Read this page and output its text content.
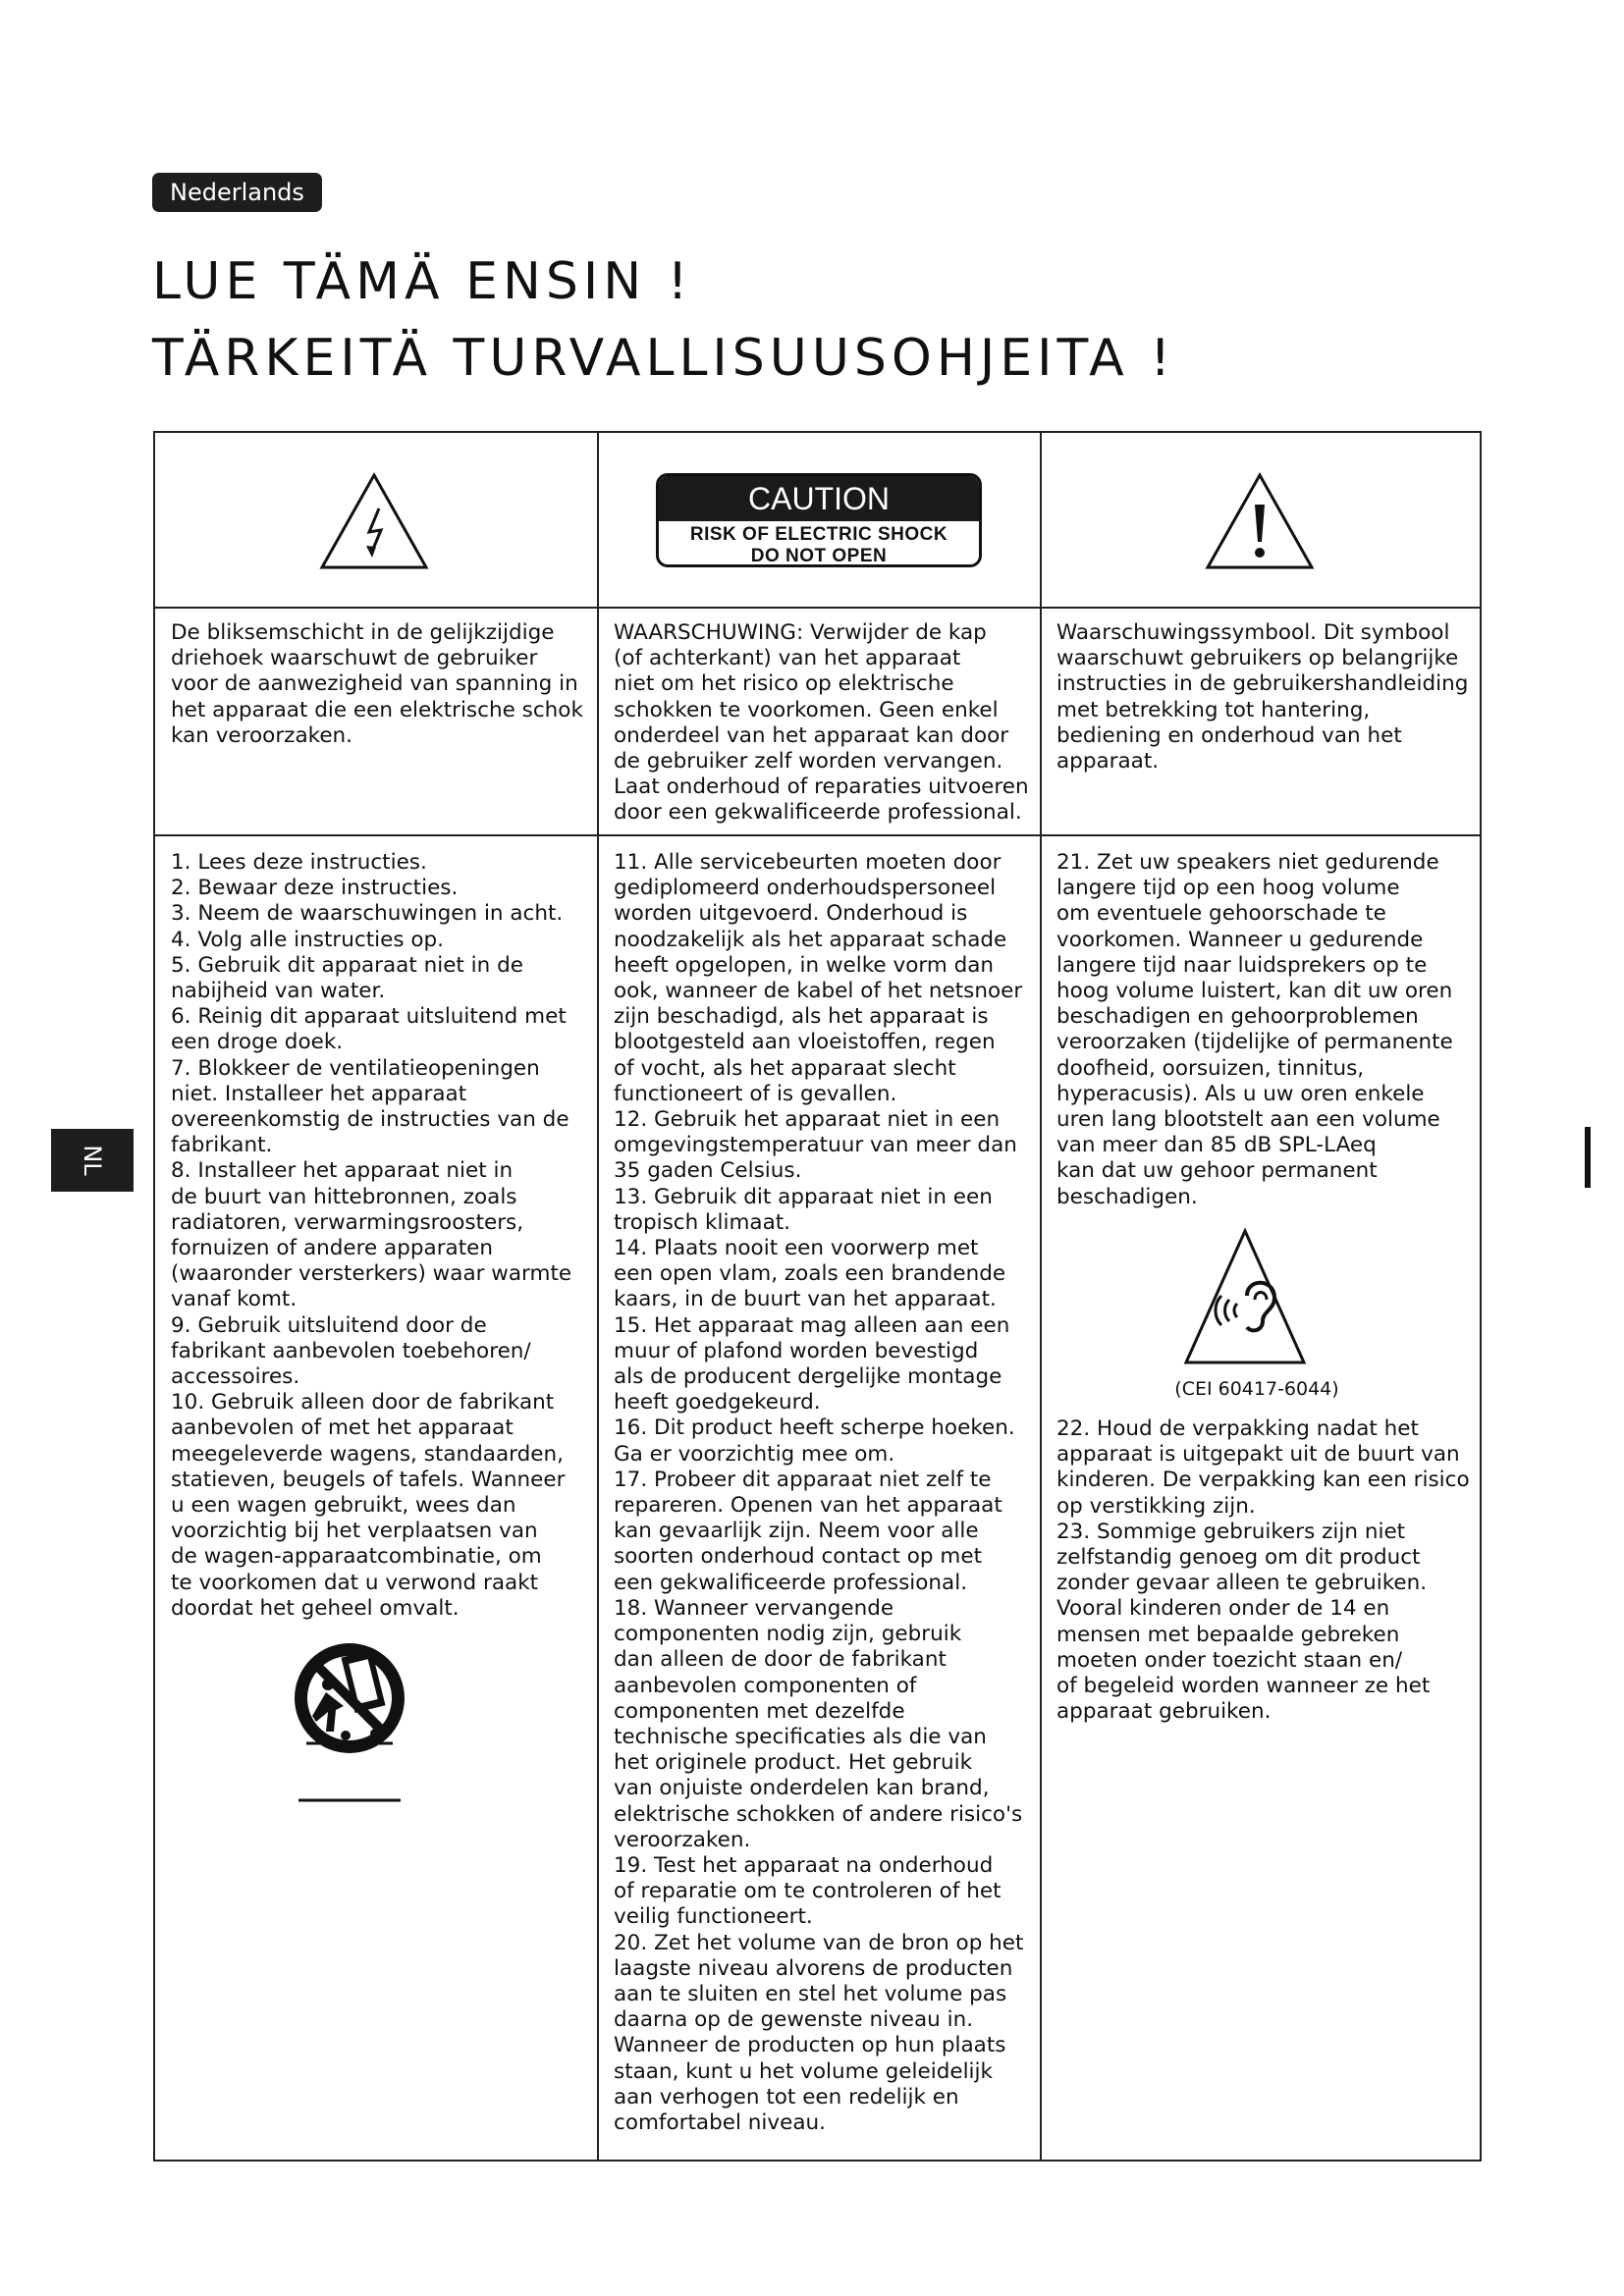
Nederlands
LUE TÄMÄ ENSIN !
TÄRKEITÄ TURVALLISUUSOHJEITA !
CAUTION
RISK OF ELECTRIC SHOCK
DO NOT OPEN
De bliksemschicht in de gelijkzijdige
driehoek waarschuwt de gebruiker
voor de aanwezigheid van spanning in
het apparaat die een elektrische schok
kan veroorzaken.
WAARSCHUWING: Verwijder de kap
(of achterkant) van het apparaat
niet om het risico op elektrische
schokken te voorkomen. Geen enkel
onderdeel van het apparaat kan door
de gebruiker zelf worden vervangen.
Laat onderhoud of reparaties uitvoeren
door een gekwalificeerde professional.
Waarschuwingssymbool. Dit symbool
waarschuwt gebruikers op belangrijke
instructies in de gebruikershandleiding
met betrekking tot hantering,
bediening en onderhoud van het
apparaat.
1. Lees deze instructies.
2. Bewaar deze instructies.
3. Neem de waarschuwingen in acht.
4. Volg alle instructies op.
5. Gebruik dit apparaat niet in de
nabijheid van water.
6. Reinig dit apparaat uitsluitend met
een droge doek.
7. Blokkeer de ventilatieopeningen
niet. Installeer het apparaat
overeenkomstig de instructies van de
fabrikant.
8. Installeer het apparaat niet in
de buurt van hittebronnen, zoals
radiatoren, verwarmingsroosters,
fornuizen of andere apparaten
(waaronder versterkers) waar warmte
vanaf komt.
9. Gebruik uitsluitend door de
fabrikant aanbevolen toebehoren/
accessoires.
10. Gebruik alleen door de fabrikant
aanbevolen of met het apparaat
meegeleverde wagens, standaarden,
statieven, beugels of tafels. Wanneer
u een wagen gebruikt, wees dan
voorzichtig bij het verplaatsen van
de wagen-apparaatcombinatie, om
te voorkomen dat u verwond raakt
doordat het geheel omvalt.
11. Alle servicebeurten moeten door
gediplomeerd onderhoudspersoneel
worden uitgevoerd. Onderhoud is
noodzakelijk als het apparaat schade
heeft opgelopen, in welke vorm dan
ook, wanneer de kabel of het netsnoer
zijn beschadigd, als het apparaat is
blootgesteld aan vloeistoffen, regen
of vocht, als het apparaat slecht
functioneert of is gevallen.
12. Gebruik het apparaat niet in een
omgevingstemperatuur van meer dan
35 gaden Celsius.
13. Gebruik dit apparaat niet in een
tropisch klimaat.
14. Plaats nooit een voorwerp met
een open vlam, zoals een brandende
kaars, in de buurt van het apparaat.
15. Het apparaat mag alleen aan een
muur of plafond worden bevestigd
als de producent dergelijke montage
heeft goedgekeurd.
16. Dit product heeft scherpe hoeken.
Ga er voorzichtig mee om.
17. Probeer dit apparaat niet zelf te
repareren. Openen van het apparaat
kan gevaarlijk zijn. Neem voor alle
soorten onderhoud contact op met
een gekwalificeerde professional.
18. Wanneer vervangende
componenten nodig zijn, gebruik
dan alleen de door de fabrikant
aanbevolen componenten of
componenten met dezelfde
technische specificaties als die van
het originele product. Het gebruik
van onjuiste onderdelen kan brand,
elektrische schokken of andere risico's
veroorzaken.
19. Test het apparaat na onderhoud
of reparatie om te controleren of het
veilig functioneert.
20. Zet het volume van de bron op het
laagste niveau alvorens de producten
aan te sluiten en stel het volume pas
daarna op de gewenste niveau in.
Wanneer de producten op hun plaats
staan, kunt u het volume geleidelijk
aan verhogen tot een redelijk en
comfortabel niveau.
21. Zet uw speakers niet gedurende
langere tijd op een hoog volume
om eventuele gehoorschade te
voorkomen. Wanneer u gedurende
langere tijd naar luidsprekers op te
hoog volume luistert, kan dit uw oren
beschadigen en gehoorproblemen
veroorzaken (tijdelijke of permanente
doofheid, oorsuizen, tinnitus,
hyperacusis). Als u uw oren enkele
uren lang blootstelt aan een volume
van meer dan 85 dB SPL-LAeq
kan dat uw gehoor permanent
beschadigen.
(CEI 60417-6044)
22. Houd de verpakking nadat het
apparaat is uitgepakt uit de buurt van
kinderen. De verpakking kan een risico
op verstikking zijn.
23. Sommige gebruikers zijn niet
zelfstandig genoeg om dit product
zonder gevaar alleen te gebruiken.
Vooral kinderen onder de 14 en
mensen met bepaalde gebreken
moeten onder toezicht staan en/
of begeleid worden wanneer ze het
apparaat gebruiken.
NL
